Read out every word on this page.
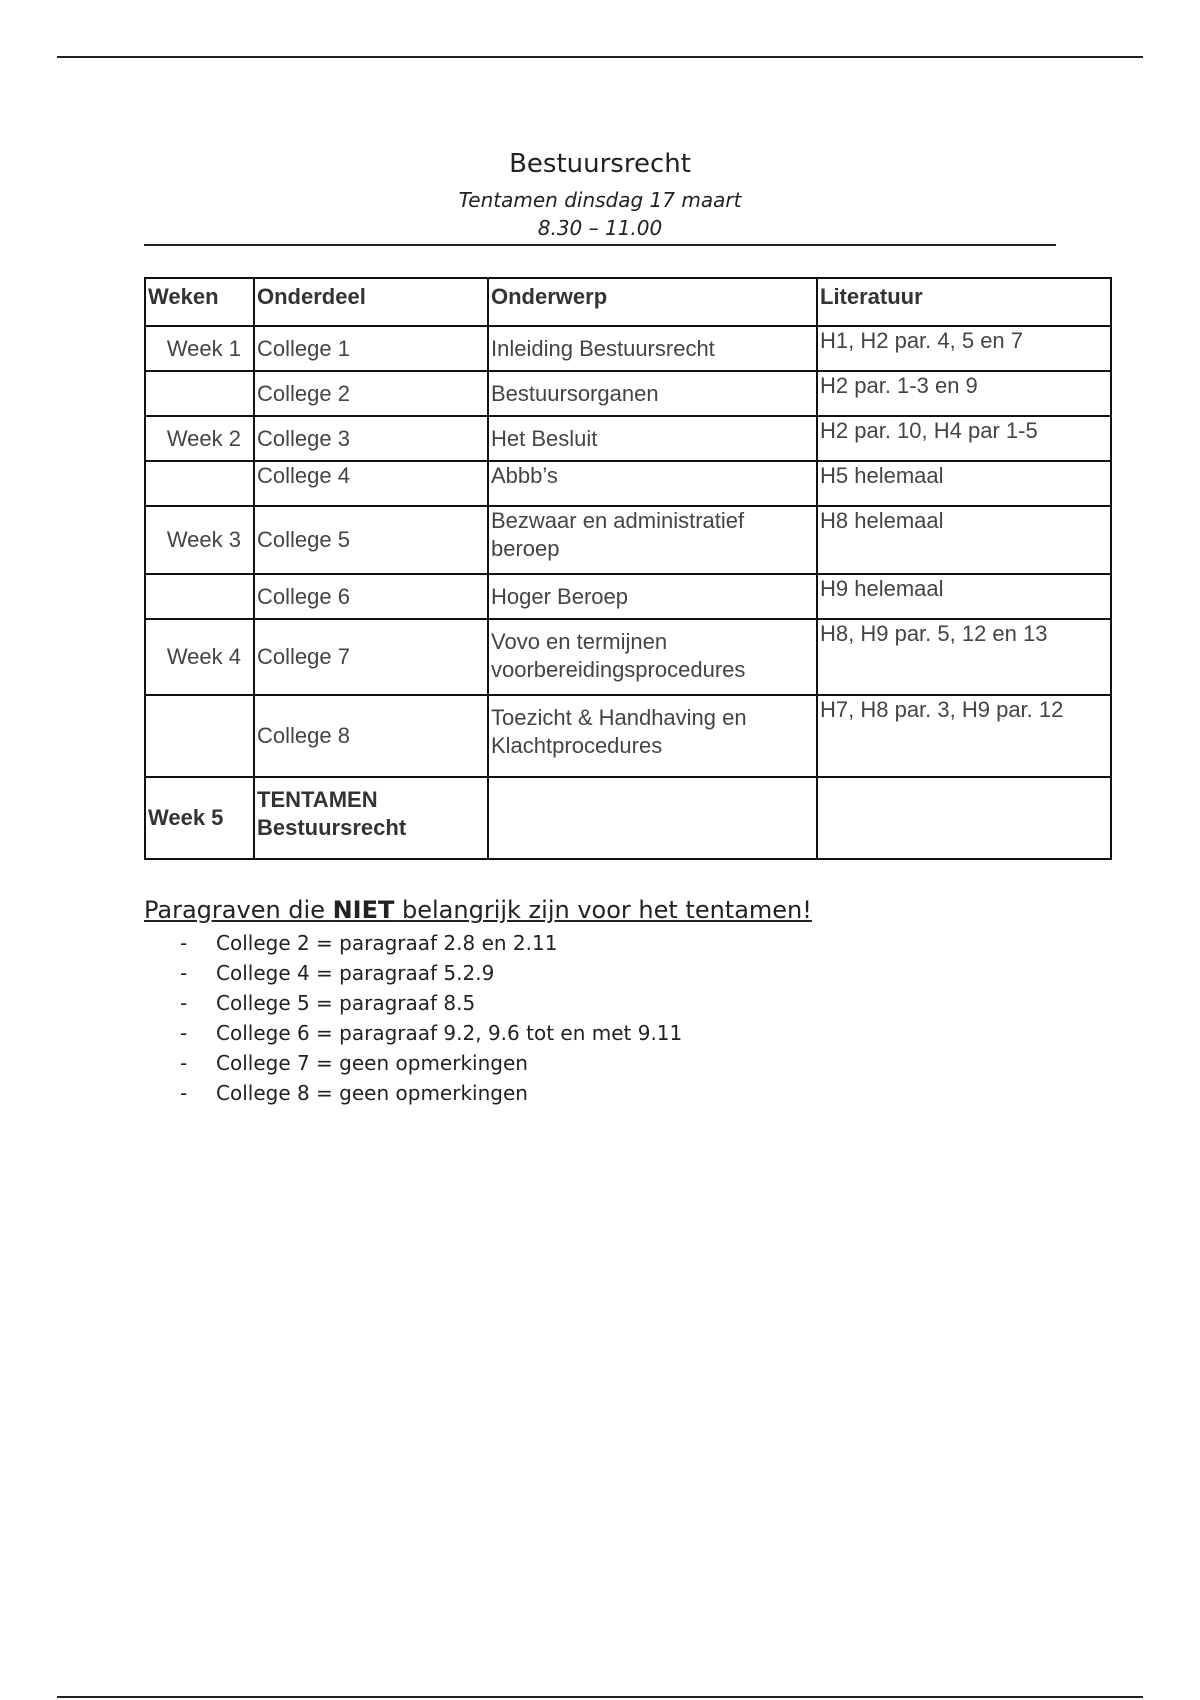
Bestuursrecht
Tentamen dinsdag 17 maart
8.30 – 11.00
Weken	Onderdeel	Onderwerp	Literatuur
Week 1	College 1	Inleiding Bestuursrecht	H1, H2 par. 4, 5 en 7
	College 2	Bestuursorganen	H2 par. 1-3 en 9
Week 2	College 3	Het Besluit	H2 par. 10, H4 par 1-5
	College 4	Abbb’s	H5 helemaal
Week 3	College 5	Bezwaar en administratief beroep	H8 helemaal
	College 6	Hoger Beroep	H9 helemaal
Week 4	College 7	Vovo en termijnen voorbereidingsprocedures	H8, H9 par. 5, 12 en 13
	College 8	Toezicht & Handhaving en Klachtprocedures	H7, H8 par. 3, H9 par. 12
Week 5	TENTAMEN Bestuursrecht		
Paragraven die NIET belangrijk zijn voor het tentamen!
- College 2 = paragraaf 2.8 en 2.11
- College 4 = paragraaf 5.2.9
- College 5 = paragraaf 8.5
- College 6 = paragraaf 9.2, 9.6 tot en met 9.11
- College 7 = geen opmerkingen
- College 8 = geen opmerkingen
